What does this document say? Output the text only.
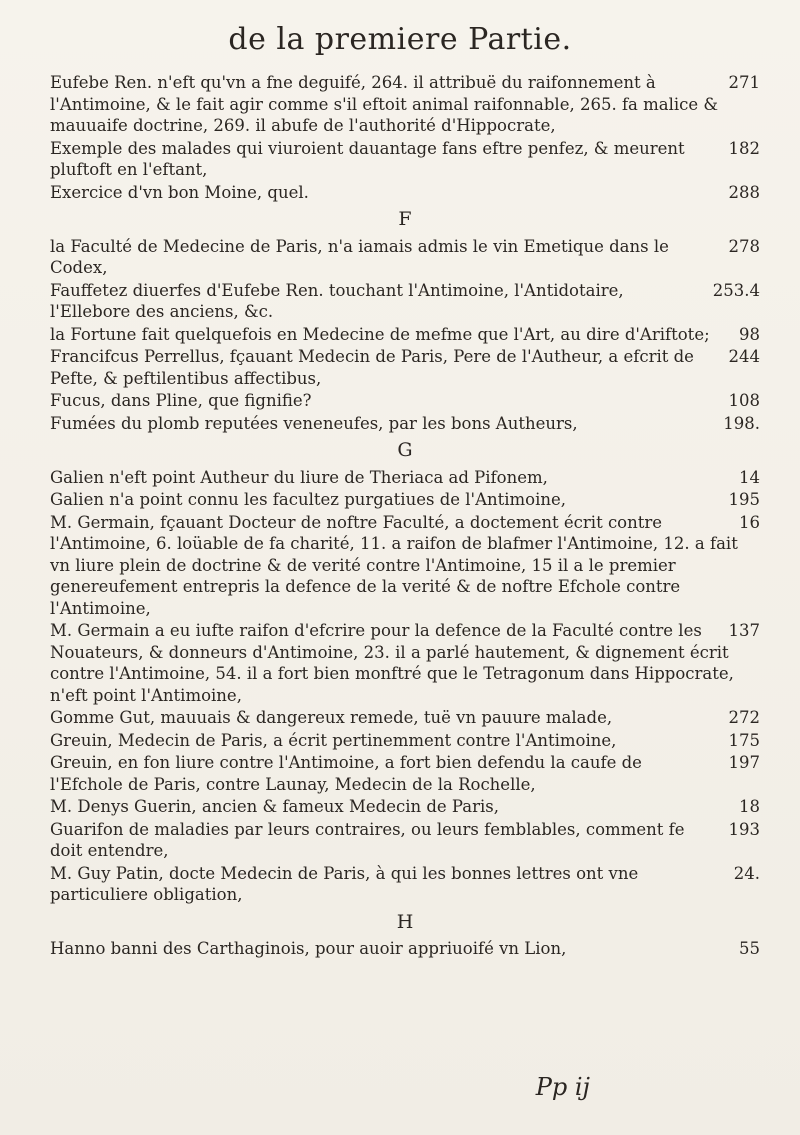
de la premiere Partie.
271
Eufebe Ren. n'eft qu'vn a fne deguifé, 264. il attribuë du raifonnement à l'Antimoine, & le fait agir comme s'il eftoit animal raifonnable, 265. fa malice & mauuaife doctrine, 269. il abufe de l'authorité d'Hippocrate,
182
Exemple des malades qui viuroient dauantage fans eftre penfez, & meurent pluftoft en l'eftant,
288
Exercice d'vn bon Moine, quel.
F
278
la Faculté de Medecine de Paris, n'a iamais admis le vin Emetique dans le Codex,
253.4
Fauffetez diuerfes d'Eufebe Ren. touchant l'Antimoine, l'Antidotaire, l'Ellebore des anciens, &c.
98
la Fortune fait quelquefois en Medecine de mefme que l'Art, au dire d'Ariftote;
244
Francifcus Perrellus, fçauant Medecin de Paris, Pere de l'Autheur, a efcrit de Pefte, & peftilentibus affectibus,
108
Fucus, dans Pline, que fignifie?
198.
Fumées du plomb reputées veneneufes, par les bons Autheurs,
G
14
Galien n'eft point Autheur du liure de Theriaca ad Pifonem,
195
Galien n'a point connu les facultez purgatiues de l'Antimoine,
16
M. Germain, fçauant Docteur de noftre Faculté, a doctement écrit contre l'Antimoine, 6. loüable de fa charité, 11. a raifon de blafmer l'Antimoine, 12. a fait vn liure plein de doctrine & de verité contre l'Antimoine, 15 il a le premier genereufement entrepris la defence de la verité & de noftre Efchole contre l'Antimoine,
137
M. Germain a eu iufte raifon d'efcrire pour la defence de la Faculté contre les Nouateurs, & donneurs d'Antimoine, 23. il a parlé hautement, & dignement écrit contre l'Antimoine, 54. il a fort bien monftré que le Tetragonum dans Hippocrate, n'eft point l'Antimoine,
272
Gomme Gut, mauuais & dangereux remede, tuë vn pauure malade,
175
Greuin, Medecin de Paris, a écrit pertinemment contre l'Antimoine,
197
Greuin, en fon liure contre l'Antimoine, a fort bien defendu la caufe de l'Efchole de Paris, contre Launay, Medecin de la Rochelle,
18
M. Denys Guerin, ancien & fameux Medecin de Paris,
193
Guarifon de maladies par leurs contraires, ou leurs femblables, comment fe doit entendre,
24.
M. Guy Patin, docte Medecin de Paris, à qui les bonnes lettres ont vne particuliere obligation,
H
55
Hanno banni des Carthaginois, pour auoir appriuoifé vn Lion,
Pp ij
